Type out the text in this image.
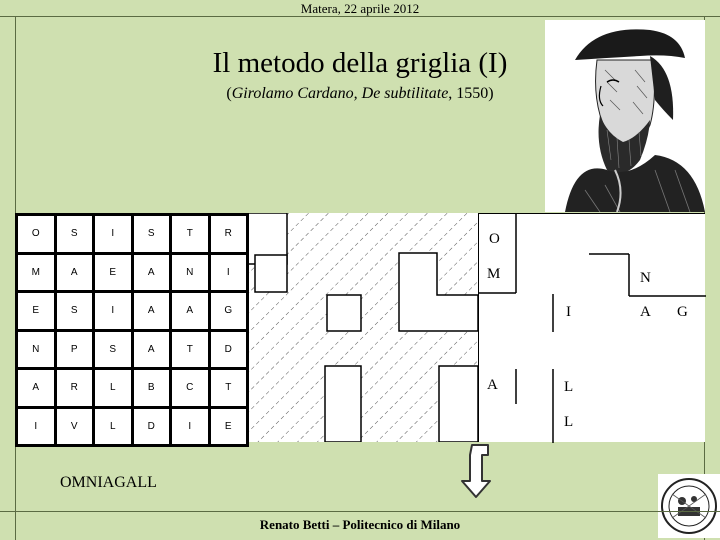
Matera, 22 aprile 2012
Il metodo della griglia (I)
(Girolamo Cardano, De subtilitate, 1550)
O	S	I	S	T	R
M	A	E	A	N	I
E	S	I	A	A	G
N	P	S	A	T	D
A	R	L	B	C	T
I	V	L	D	I	E
O
M	N
I	A G
A	L
L
OMNIAGALL
Renato Betti – Politecnico di Milano
